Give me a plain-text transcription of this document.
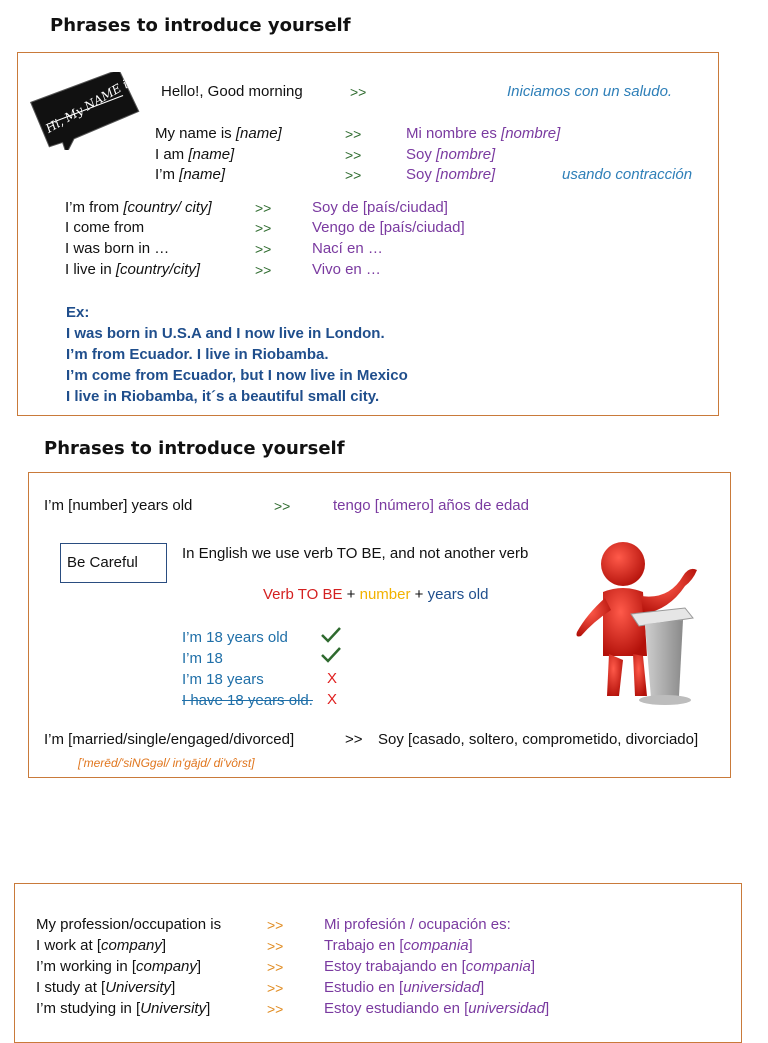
Phrases to introduce yourself
Hi, My NAME is Hello!, Good morning	>>	Iniciamos con un saludo.
My name is [name]	>>	Mi nombre es [nombre]
I am [name]	>>	Soy [nombre]
I’m [name]	>>	Soy [nombre]	usando contracción
I’m from [country/ city]	>>	Soy de [país/ciudad]
I come from	>>	Vengo de [país/ciudad]
I was born in …	>>	Nací en …
I live in [country/city]	>>	Vivo en …
Ex:
I was born in U.S.A and I now live in London.
I’m from Ecuador. I live in Riobamba.
I’m come from Ecuador, but I now live in Mexico
I live in Riobamba, it´s a beautiful small city.
Phrases to introduce yourself
I’m [number] years old	>>	tengo [número] años de edad
Be Careful
In English we use verb TO BE, and not another verb
Verb TO BE + number + years old
I’m 18 years old
I’m 18
I’m 18 years	X
I have 18 years old. X
I’m [married/single/engaged/divorced]	>> Soy [casado, soltero, comprometido, divorciado]
['merēd/'siNGgəl/ in'gājd/ di'vôrst]
My profession/occupation is	>>	Mi profesión / ocupación es:
I work at [company]	>>	Trabajo en [compania]
I’m working in [company]	>>	Estoy trabajando en [compania]
I study at [University]	>>	Estudio en [universidad]
I’m studying in [University]	>>	Estoy estudiando en [universidad]
